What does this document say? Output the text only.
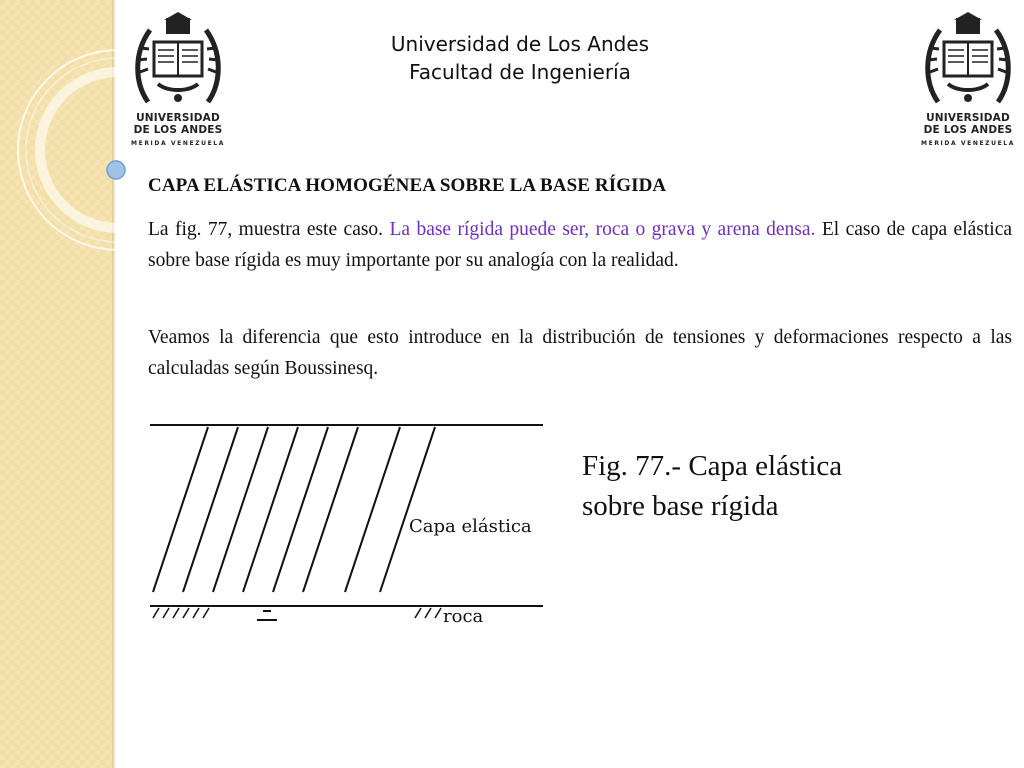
Universidad de Los Andes
Facultad de Ingeniería
UNIVERSIDAD
DE LOS ANDES
MERIDA VENEZUELA
UNIVERSIDAD
DE LOS ANDES
MERIDA VENEZUELA
CAPA ELÁSTICA HOMOGÉNEA SOBRE LA BASE RÍGIDA
La fig. 77, muestra este caso. La base rígida puede ser, roca o grava y arena densa. El caso de capa elástica sobre base rígida es muy importante por su analogía con la realidad.
Veamos la diferencia que esto introduce en la distribución de tensiones y deformaciones respecto a las calculadas según Boussinesq.
Capa elástica
roca
Fig. 77.- Capa elástica
sobre base rígida
